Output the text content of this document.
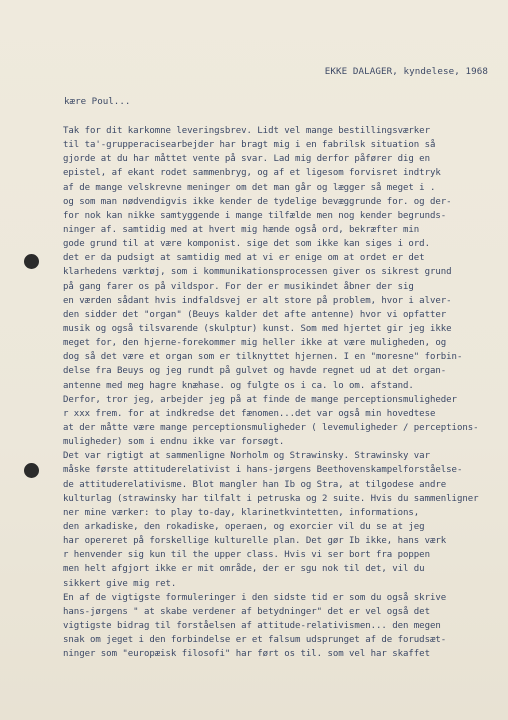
EKKE DALAGER, kyndelese, 1968
kære Poul...
Tak for dit karkomne leveringsbrev. Lidt vel mange bestillingsværker
til ta'-grupperacisearbejder har bragt mig i en fabrilsk situation så
gjorde at du har måttet vente på svar. Lad mig derfor påfører dig en
epistel, af ekant rodet sammenbryg, og af et ligesom forvisret indtryk
af de mange velskrevne meninger om det man går og lægger så meget i .
og som man nødvendigvis ikke kender de tydelige bevæggrunde for. og der-
for nok kan nikke samtyggende i mange tilfælde men nog kender begrunds-
ninger af. samtidig med at hvert mig hænde også ord, bekræfter min
gode grund til at være komponist. sige det som ikke kan siges i ord.
det er da pudsigt at samtidig med at vi er enige om at ordet er det
klarhedens værktøj, som i kommunikationsprocessen giver os sikrest grund
på gang farer os på vildspor. For der er musikindet åbner der sig
en værden sådant hvis indfaldsvej er alt store på problem, hvor i alver-
den sidder det "organ" (Beuys kalder det afte antenne) hvor vi opfatter
musik og også tilsvarende (skulptur) kunst. Som med hjertet gir jeg ikke
meget for, den hjerne-forekommer mig heller ikke at være muligheden, og
dog så det være et organ som er tilknyttet hjernen. I en "moresne" forbin-
delse fra Beuys og jeg rundt på gulvet og havde regnet ud at det organ-
antenne med meg hagre knæhase. og fulgte os i ca. lo om. afstand.
Derfor, tror jeg, arbejder jeg på at finde de mange perceptionsmuligheder
r xxx frem. for at indkredse det fænomen...det var også min hovedtese
at der måtte være mange perceptionsmuligheder ( levemuligheder / perceptions-
muligheder) som i endnu ikke var forsøgt.
Det var rigtigt at sammenligne Norholm og Strawinsky. Strawinsky var
måske første attituderelativist i hans-jørgens Beethovenskampelforståelse-
de attituderelativisme. Blot mangler han Ib og Stra, at tilgodese andre
kulturlag (strawinsky har tilfalt i petruska og 2 suite. Hvis du sammenligner
ner mine værker: to play to-day, klarinetkvintetten, informations,
den arkadiske, den rokadiske, operaen, og exorcier vil du se at jeg
har opereret på forskellige kulturelle plan. Det gør Ib ikke, hans værk
r henvender sig kun til the upper class. Hvis vi ser bort fra poppen
men helt afgjort ikke er mit område, der er sgu nok til det, vil du
sikkert give mig ret.
En af de vigtigste formuleringer i den sidste tid er som du også skrive
hans-jørgens " at skabe verdener af betydninger" det er vel også det
vigtigste bidrag til forståelsen af attitude-relativismen... den megen
snak om jeget i den forbindelse er et falsum udsprunget af de forudsæt-
ninger som "europæisk filosofi" har ført os til. som vel har skaffet
